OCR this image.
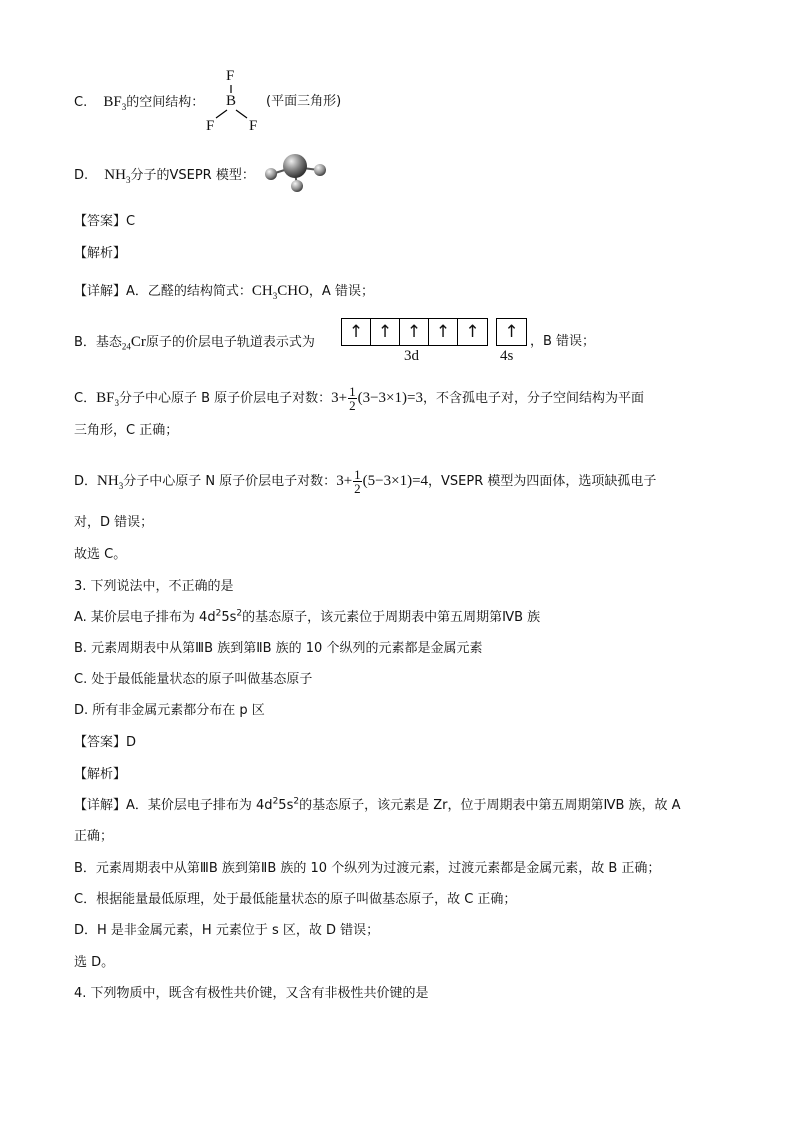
C. $BF_3$的空间结构：
F
B
F F
(平面三角形)
D. $NH_3$分子的VSEPR 模型：
【答案】C
【解析】
【详解】A．乙醛的结构简式：$CH_3CHO$，A 错误；
B．基态$_{24}$Cr原子的价层电子轨道表示式为
↑ ↑ ↑ ↑ ↑ ↑
3d	4s
，B 错误；
C．$BF_3$分子中心原子 B 原子价层电子对数：$3+ \frac{1}{2} (3-3\times 1)=3$，不含孤电子对，分子空间结构为平面
三角形，C 正确；
D．$NH_3$分子中心原子 N 原子价层电子对数：$3+ \frac{1}{2} (5-3\times 1)=4$，VSEPR 模型为四面体，选项缺孤电子
对，D 错误；
故选 C。
3. 下列说法中，不正确的是
A. 某价层电子排布为 $4d^25s^2$的基态原子，该元素位于周期表中第五周期第ⅣB 族
B. 元素周期表中从第ⅢB 族到第ⅡB 族的 10 个纵列的元素都是金属元素
C. 处于最低能量状态的原子叫做基态原子
D. 所有非金属元素都分布在 p 区
【答案】D
【解析】
【详解】A．某价层电子排布为 $4d^25s^2$的基态原子，该元素是 Zr，位于周期表中第五周期第ⅣB 族，故 A
正确；
B．元素周期表中从第ⅢB 族到第ⅡB 族的 10 个纵列为过渡元素，过渡元素都是金属元素，故 B 正确；
C．根据能量最低原理，处于最低能量状态的原子叫做基态原子，故 C 正确；
D．H 是非金属元素，H 元素位于 s 区，故 D 错误；
选 D。
4. 下列物质中，既含有极性共价键，又含有非极性共价键的是
